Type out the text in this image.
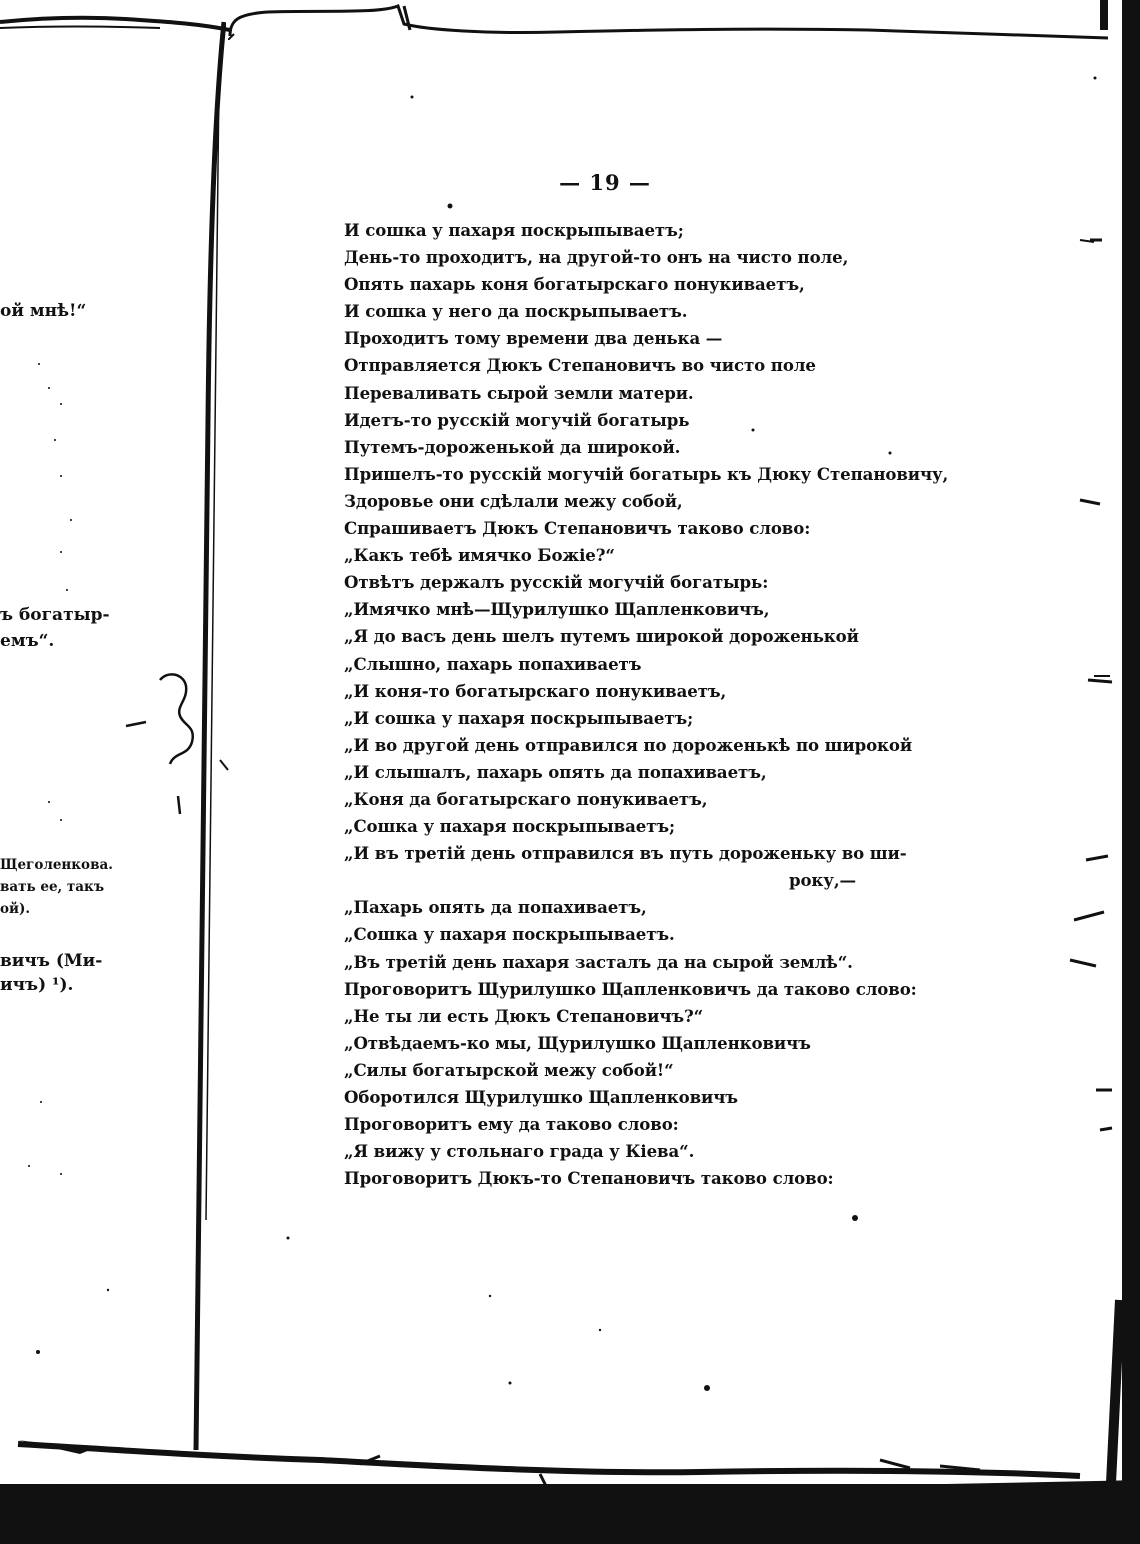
ой мнѣ!“
ъ богатыр-
емъ“.
Щеголенкова.
вать ее, такъ
ой).
вичъ (Ми-
ичъ) ¹).
— 19 —
И сошка у пахаря поскрыпываетъ;
День-то проходитъ, на другой-то онъ на чисто поле,
Опять пахарь коня богатырскаго понукиваетъ,
И сошка у него да поскрыпываетъ.
Проходитъ тому времени два денька —
Отправляется Дюкъ Степановичъ во чисто поле
Переваливать сырой земли матери.
Идетъ-то русскій могучій богатырь
Путемъ-дороженькой да широкой.
Пришелъ-то русскій могучій богатырь къ Дюку Степановичу,
Здоровье они сдѣлали межу собой,
Спрашиваетъ Дюкъ Степановичъ таково слово:
„Какъ тебѣ имячко Божіе?“
Отвѣтъ держалъ русскій могучій богатырь:
„Имячко мнѣ—Щурилушко Щапленковичъ,
„Я до васъ день шелъ путемъ широкой дороженькой
„Слышно, пахарь попахиваетъ
„И коня-то богатырскаго понукиваетъ,
„И сошка у пахаря поскрыпываетъ;
„И во другой день отправился по дороженькѣ по широкой
„И слышалъ, пахарь опять да попахиваетъ,
„Коня да богатырскаго понукиваетъ,
„Сошка у пахаря поскрыпываетъ;
„И въ третій день отправился въ путь дороженьку во ши-
року,—
„Пахарь опять да попахиваетъ,
„Сошка у пахаря поскрыпываетъ.
„Въ третій день пахаря засталъ да на сырой землѣ“.
Проговоритъ Щурилушко Щапленковичъ да таково слово:
„Не ты ли есть Дюкъ Степановичъ?“
„Отвѣдаемъ-ко мы, Щурилушко Щапленковичъ
„Силы богатырской межу собой!“
Оборотился Щурилушко Щапленковичъ
Проговоритъ ему да таково слово:
„Я вижу у стольнаго града у Кіева“.
Проговоритъ Дюкъ-то Степановичъ таково слово:
